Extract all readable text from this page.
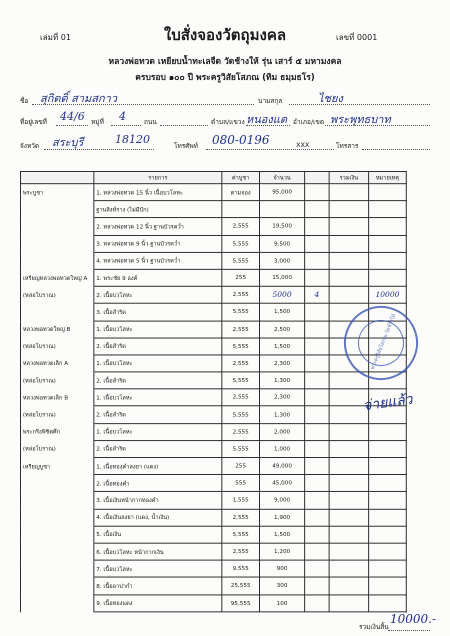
เล่มที่ 01	ใบสั่งจองวัตถุมงคล	เลขที่ 0001
หลวงพ่อทวด เหยียบน้ำทะเลจืด วัดช้างให้ รุ่น เสาร์ ๕ มหามงคล
ครบรอบ ๑๐๐ ปี พระครูวิสัยโสภณ (ทิม ธมฺมธโร)
ชื่อ สุกิตติ์ สามสกาว	นามสกุล	ไชยง
ที่อยู่เลขที่ 44/6 หมู่ที่ 4	ถนน	ตำบล/แขวง หนองแต อำเภอ/เขต พระพุทธบาท
จังหวัด สระบุรี	18120	โทรศัพท์ 080-0196	XXX	โทรสาร
	รายการ	ค่าบูชา	จำนวน		รวมเงิน	หมายเหตุ
พระบูชา	1. หลวงพ่อทวด 15 นิ้ว เนื้อบวโลหะ	ตามจอง	95,000			
	ฐานสิงห์ราง (ไม่มีปัก)					
	2. หลวงพ่อทวด 12 นิ้ว ฐานบัวรคว่ำ	2,555	19,500			
	3. หลวงพ่อทวด 9 นิ้ว ฐานบัวรคว่ำ	5,555	9,500			
	4. หลวงพ่อทวด 5 นิ้ว ฐานบัวรคว่ำ	5,555	3,000			
เหรียญหลวงพ่อทวดใหญ่ A	1. พระชัย 9 องค์	255	15,000			
(หล่อโบราณ)	2. เนื้อบวโลหะ	2,555	5000	4		10000
	3. เนื้อสำริด	5,555	1,500			
หลวงพ่อทวดใหญ่ B	1. เนื้อบวโลหะ	2,555	2,500			
(หล่อโบราณ)	2. เนื้อสำริด	5,555	1,500			
หลวงพ่อทวดเล็ก A	1. เนื้อบวโลหะ	2,555	2,300			
(หล่อโบราณ)	2. เนื้อสำริด	5,555	1,300			
หลวงพ่อทวดเล็ก B	1. เนื้อบวโลหะ	2,555	2,300			
(หล่อโบราณ)	2. เนื้อสำริด	5,555	1,300			
พระกริ่งพิชิตศึก	1. เนื้อบวโลหะ	2,555	2,000			
(หล่อโบราณ)	2. เนื้อสำริด	5,555	1,000			
เหรียญบูชา	1. เนื้อทองคำลงยา (แดง)	255	49,000			
	2. เนื้อทองคำ	555	45,000			
	3. เนื้อเงินหน้ากากทองคำ	1,555	9,000			
	4. เนื้อเงินลงยา (แดง, น้ำเงิน)	2,555	1,900			
	5. เนื้อเงิน	5,555	1,500			
	6. เนื้อบวโลหะ หน้ากากเงิน	2,555	1,200			
	7. เนื้อบวโลหะ	9,555	900			
	8. เนื้ออาปากำ	25,555	300			
	9. เนื้อทองแดง	95,555	100			
รวมเงินสิ้น
10000.-
จ่ายแล้ว
พระครูวิสัยโสภณ วัดช้างให้
